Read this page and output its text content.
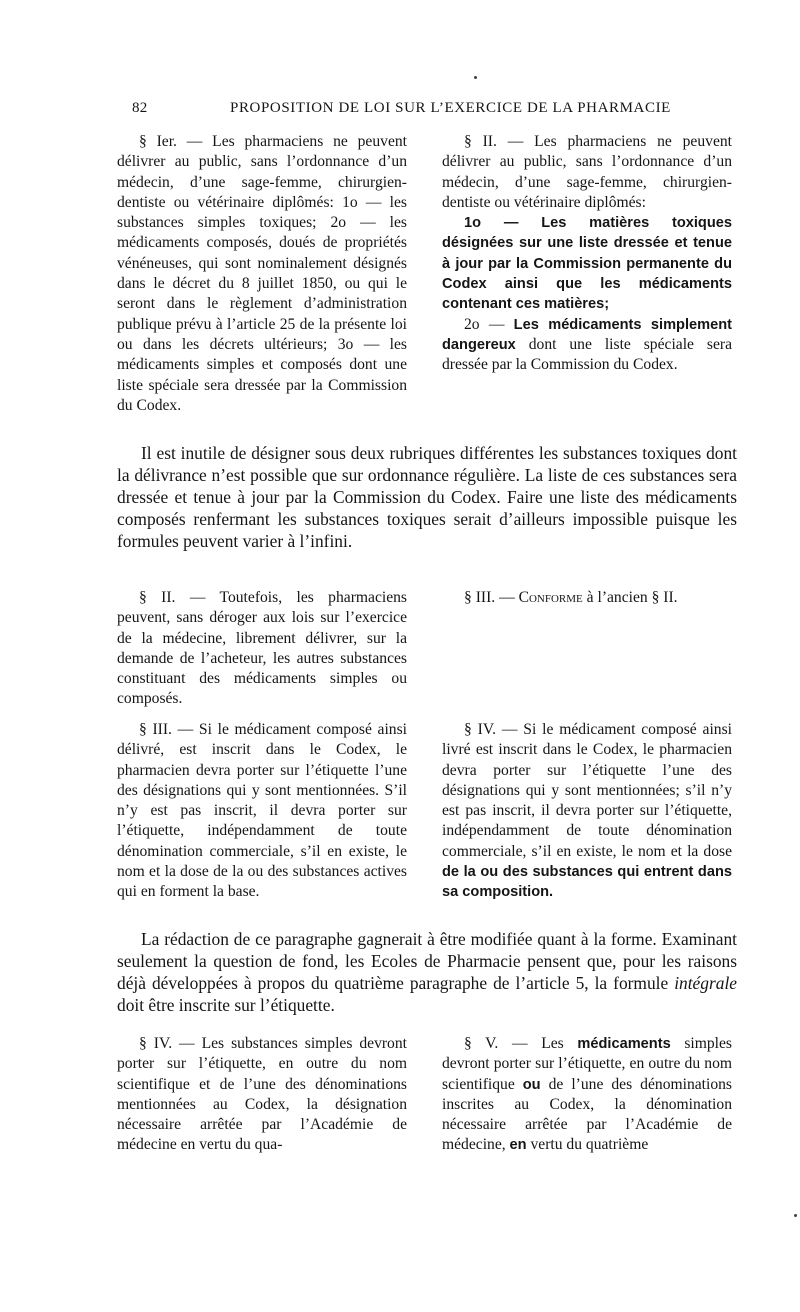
82	PROPOSITION DE LOI SUR L’EXERCICE DE LA PHARMACIE

§ Ier. — Les pharmaciens ne peuvent délivrer au public, sans l’ordonnance d’un médecin, d’une sage-femme, chirurgien-dentiste ou vétérinaire diplômés: 1o — les substances simples toxiques; 2o — les médicaments composés, doués de propriétés vénéneuses, qui sont nominalement désignés dans le décret du 8 juillet 1850, ou qui le seront dans le règlement d’administration publique prévu à l’article 25 de la présente loi ou dans les décrets ultérieurs; 3o — les médicaments simples et composés dont une liste spéciale sera dressée par la Commission du Codex.

§ II. — Les pharmaciens ne peuvent délivrer au public, sans l’ordonnance d’un médecin, d’une sage-femme, chirurgien-dentiste ou vétérinaire diplômés:

1o — Les matières toxiques désignées sur une liste dressée et tenue à jour par la Commission permanente du Codex ainsi que les médicaments contenant ces matières;

2o — Les médicaments simplement dangereux dont une liste spéciale sera dressée par la Commission du Codex.

Il est inutile de désigner sous deux rubriques différentes les substances toxiques dont la délivrance n’est possible que sur ordonnance régulière. La liste de ces substances sera dressée et tenue à jour par la Commission du Codex. Faire une liste des médicaments composés renfermant les substances toxiques serait d’ailleurs impossible puisque les formules peuvent varier à l’infini.

§ II. — Toutefois, les pharmaciens peuvent, sans déroger aux lois sur l’exercice de la médecine, librement délivrer, sur la demande de l’acheteur, les autres substances constituant des médicaments simples ou composés.

§ III. — Conforme à l’ancien § II.

§ III. — Si le médicament composé ainsi délivré, est inscrit dans le Codex, le pharmacien devra porter sur l’étiquette l’une des désignations qui y sont mentionnées. S’il n’y est pas inscrit, il devra porter sur l’étiquette, indépendamment de toute dénomination commerciale, s’il en existe, le nom et la dose de la ou des substances actives qui en forment la base.

§ IV. — Si le médicament composé ainsi livré est inscrit dans le Codex, le pharmacien devra porter sur l’étiquette l’une des désignations qui y sont mentionnées; s’il n’y est pas inscrit, il devra porter sur l’étiquette, indépendamment de toute dénomination commerciale, s’il en existe, le nom et la dose de la ou des substances qui entrent dans sa composition.

La rédaction de ce paragraphe gagnerait à être modifiée quant à la forme. Examinant seulement la question de fond, les Ecoles de Pharmacie pensent que, pour les raisons déjà développées à propos du quatrième paragraphe de l’article 5, la formule intégrale doit être inscrite sur l’étiquette.

§ IV. — Les substances simples devront porter sur l’étiquette, en outre du nom scientifique et de l’une des dénominations mentionnées au Codex, la désignation nécessaire arrêtée par l’Académie de médecine en vertu du qua-

§ V. — Les médicaments simples devront porter sur l’étiquette, en outre du nom scientifique ou de l’une des dénominations inscrites au Codex, la dénomination nécessaire arrêtée par l’Académie de médecine, en vertu du quatrième
